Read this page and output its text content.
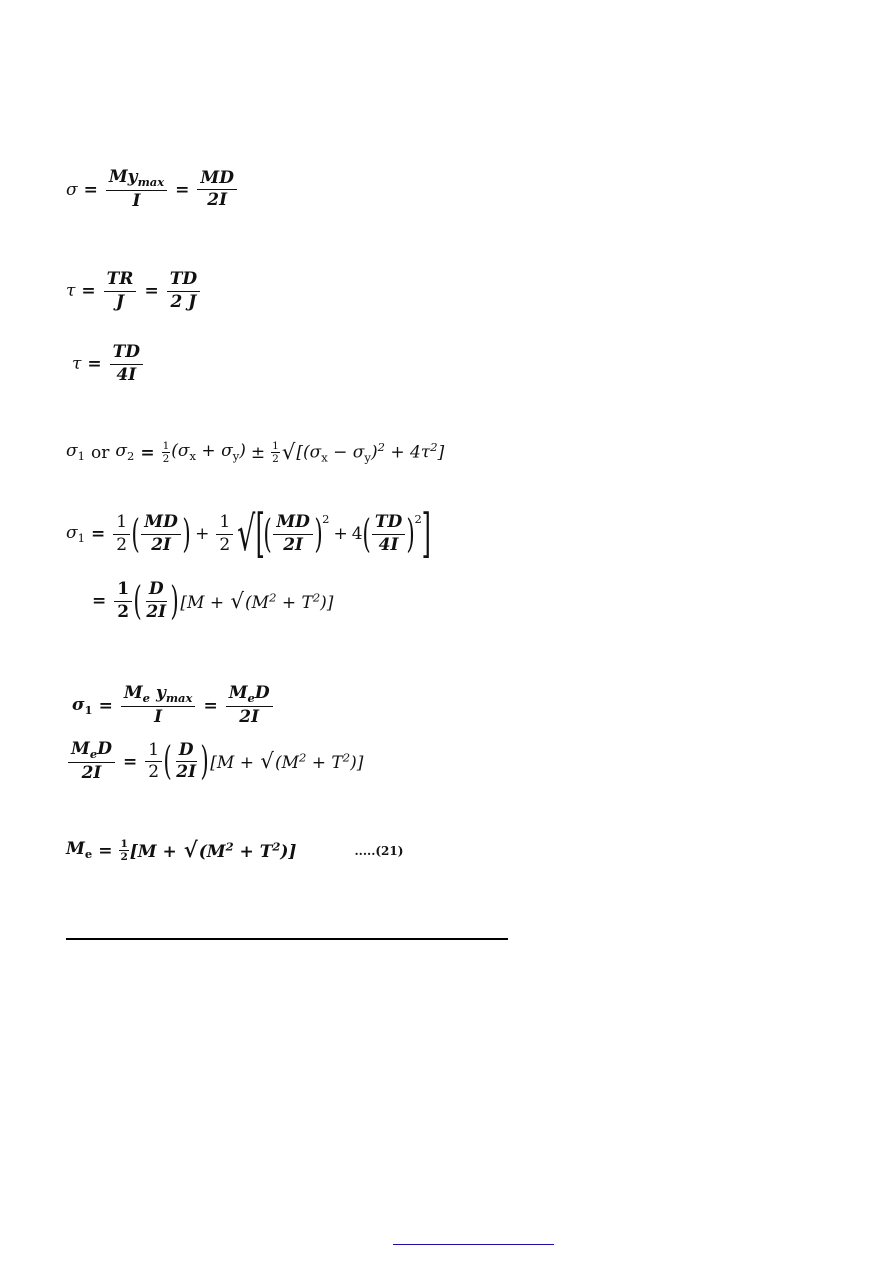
$\sigma = \frac{My_{max}}{I} = \frac{MD}{2I}$
$\tau = \frac{TR}{J} = \frac{TD}{2 J}$
$\tau = \frac{TD}{4I}$
$\sigma_1$ or $\sigma_2 = \frac{1}{2} (\sigma_x + \sigma_y) \pm \frac{1}{2}$ √ $[(\sigma_x - \sigma_y)^2 + 4\tau^2]$
$\sigma_1 = \frac{1}{2}$ ( $\frac{MD}{2I}$ ) + $\frac{1}{2}$ √ [ ( $\frac{MD}{2I}$ ) 2
+ 4 ( $\frac{TD}{4I}$ ) 2 ]
= $\frac{1}{2}$ ( $\frac{D}{2I}$ ) $[M + √(M^2 + T^2)]$
$\sigma_1 = \frac{M_e y_{max}}{I} = \frac{M_eD}{2I}$
$\frac{M_eD}{2I} = \frac{1}{2}$ ( $\frac{D}{2I}$ ) $[M + √(M^2 + T^2)]$
$M_e = \frac{1}{2} [M + √(M^2 + T^2)]$	.....(21)
